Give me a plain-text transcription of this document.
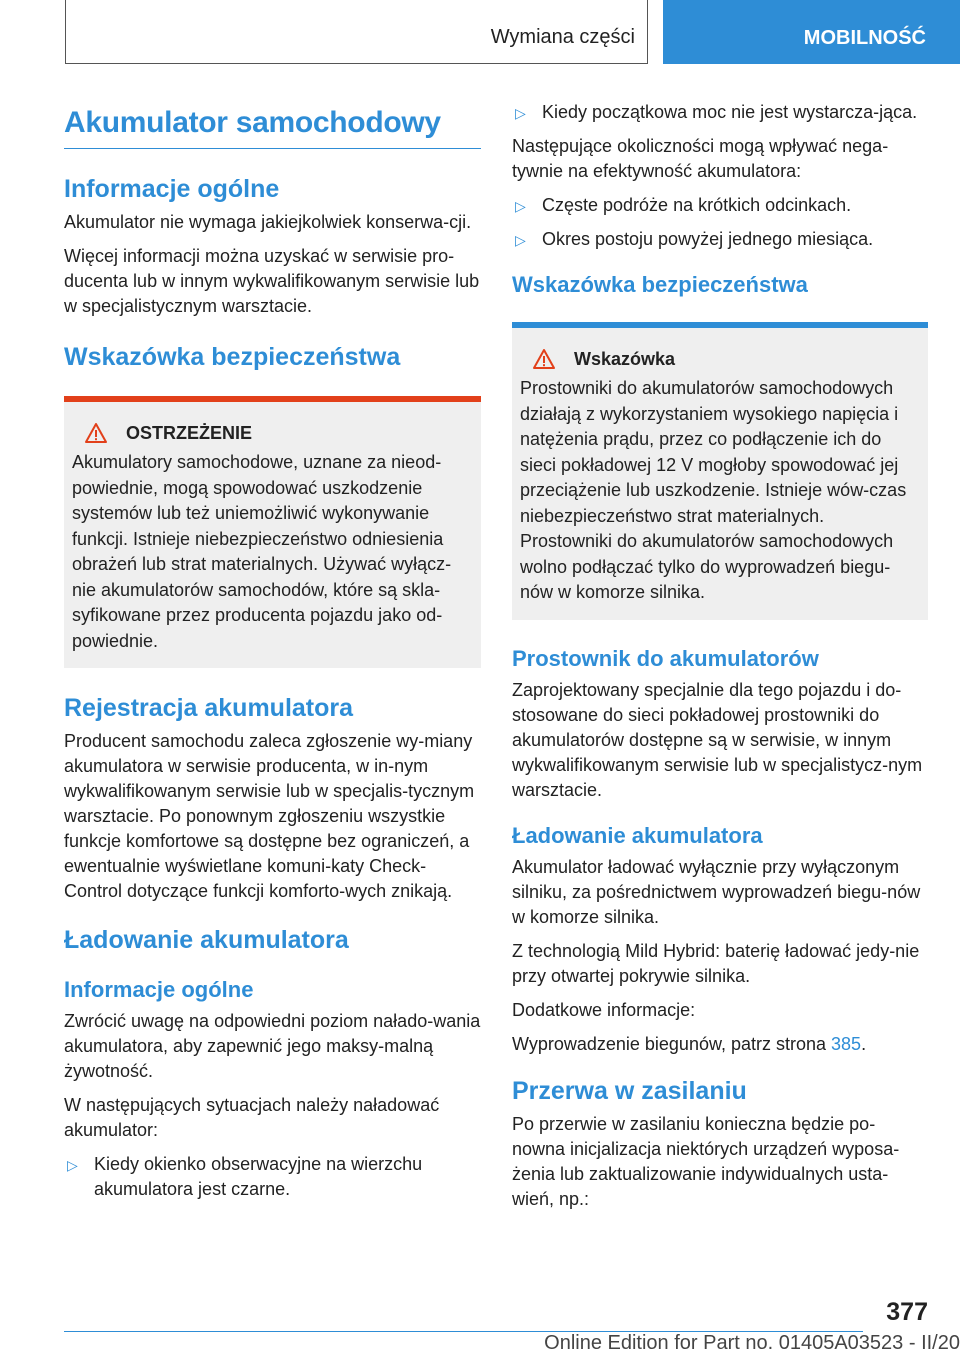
Wymiana części	MOBILNOŚĆ
Akumulator samochodowy
Informacje ogólne

Akumulator nie wymaga jakiejkolwiek konserwa-cji.

Więcej informacji można uzyskać w serwisie pro-ducenta lub w innym wykwalifikowanym serwisie lub w specjalistycznym warsztacie.

Wskazówka bezpieczeństwa
OSTRZEŻENIE

Akumulatory samochodowe, uznane za nieod-powiednie, mogą spowodować uszkodzenie systemów lub też uniemożliwić wykonywanie funkcji. Istnieje niebezpieczeństwo odniesienia obrażeń lub strat materialnych. Używać wyłącz-nie akumulatorów samochodów, które są skla-syfikowane przez producenta pojazdu jako od-powiednie.

Rejestracja akumulatora

Producent samochodu zaleca zgłoszenie wy-miany akumulatora w serwisie producenta, w in-nym wykwalifikowanym serwisie lub w specjalis-tycznym warsztacie. Po ponownym zgłoszeniu wszystkie funkcje komfortowe są dostępne bez ograniczeń, a ewentualnie wyświetlane komuni-katy Check-Control dotyczące funkcji komforto-wych znikają.

Ładowanie akumulatora
Informacje ogólne

Zwrócić uwagę na odpowiedni poziom nałado-wania akumulatora, aby zapewnić jego maksy-malną żywotność.

W następujących sytuacjach należy naładować akumulator:

▷ Kiedy okienko obserwacyjne na wierzchu akumulatora jest czarne.
▷ Kiedy początkowa moc nie jest wystarcza-jąca.

Następujące okoliczności mogą wpływać nega-tywnie na efektywność akumulatora:

▷ Częste podróże na krótkich odcinkach.
▷ Okres postoju powyżej jednego miesiąca.
Wskazówka bezpieczeństwa
Wskazówka

Prostowniki do akumulatorów samochodowych działają z wykorzystaniem wysokiego napięcia i natężenia prądu, przez co podłączenie ich do sieci pokładowej 12 V mogłoby spowodować jej przeciążenie lub uszkodzenie. Istnieje wów-czas niebezpieczeństwo strat materialnych. Prostowniki do akumulatorów samochodowych wolno podłączać tylko do wyprowadzeń biegu-nów w komorze silnika.

Prostownik do akumulatorów

Zaprojektowany specjalnie dla tego pojazdu i do-stosowane do sieci pokładowej prostowniki do akumulatorów dostępne są w serwisie, w innym wykwalifikowanym serwisie lub w specjalistycz-nym warsztacie.

Ładowanie akumulatora

Akumulator ładować wyłącznie przy wyłączonym silniku, za pośrednictwem wyprowadzeń biegu-nów w komorze silnika.

Z technologią Mild Hybrid: baterię ładować jedy-nie przy otwartej pokrywie silnika.

Dodatkowe informacje:

Wyprowadzenie biegunów, patrz strona 385.

Przerwa w zasilaniu

Po przerwie w zasilaniu konieczna będzie po-nowna inicjalizacja niektórych urządzeń wyposa-żenia lub zaktualizowanie indywidualnych usta-wień, np.:

377
Online Edition for Part no. 01405A03523 - II/20
